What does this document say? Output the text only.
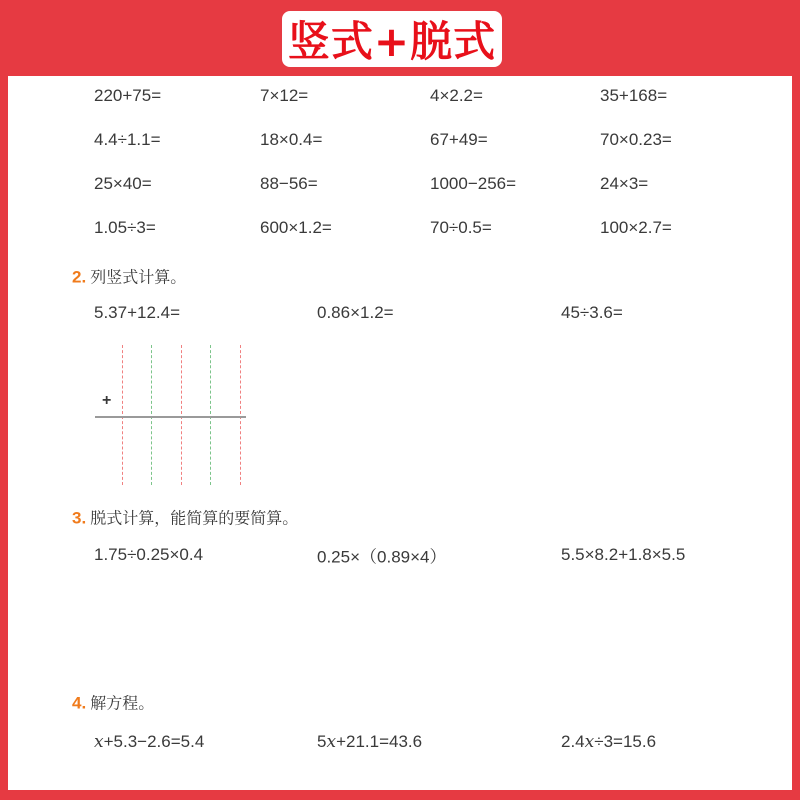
竖式+脱式
220+75=	7×12=	4×2.2=	35+168=
4.4÷1.1=	18×0.4=	67+49=	70×0.23=
25×40=	88−56=	1000−256=	24×3=
1.05÷3=	600×1.2=	70÷0.5=	100×2.7=
2. 列竖式计算。
5.37+12.4=	0.86×1.2=	45÷3.6=
+
3. 脱式计算，能简算的要简算。
1.75÷0.25×0.4	0.25×（0.89×4）	5.5×8.2+1.8×5.5
4. 解方程。
x+5.3−2.6=5.4	5x+21.1=43.6	2.4x÷3=15.6
